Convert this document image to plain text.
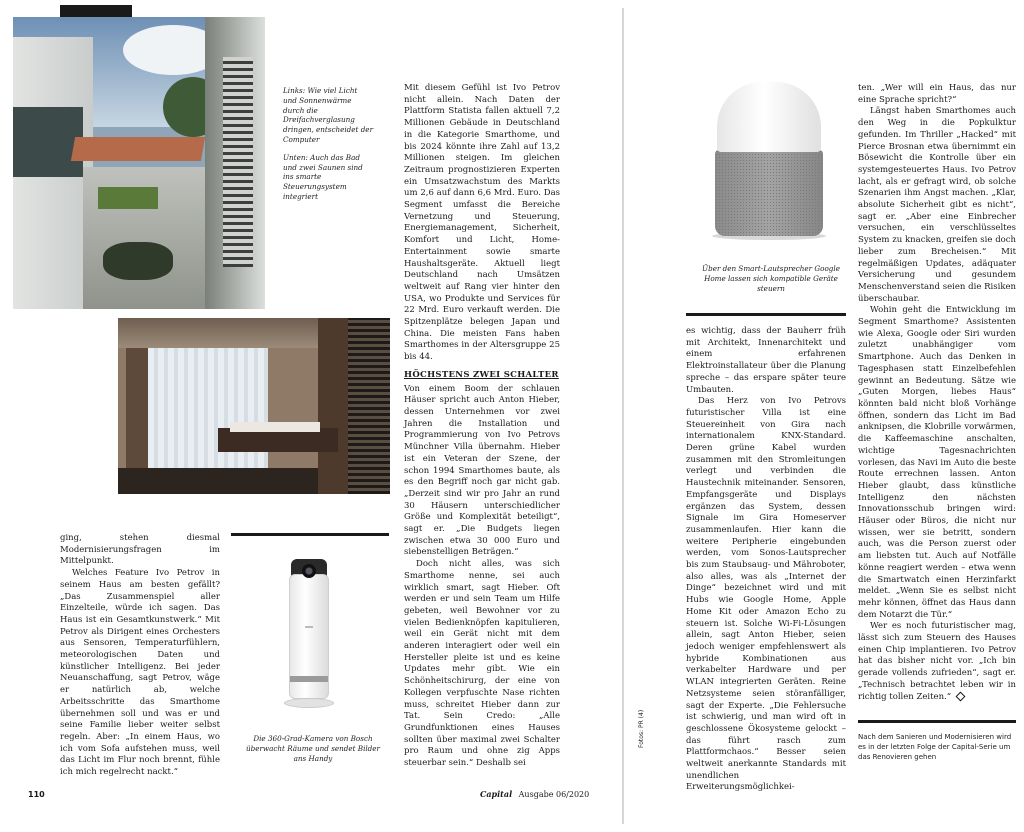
Links: Wie viel Licht und Sonnenwärme durch die Dreifachverglasung dringen, entscheidet der Computer

Unten: Auch das Bad und zwei Saunen sind ins smarte Steuerungsystem integriert

Mit diesem Gefühl ist Ivo Petrov nicht allein. Nach Daten der Plattform Statista fallen aktuell 7,2 Millionen Gebäude in Deutschland in die Kategorie Smarthome, und bis 2024 könnte ihre Zahl auf 13,2 Millionen steigen. Im gleichen Zeitraum prognostizieren Experten ein Umsatzwachstum des Markts um 2,6 auf dann 6,6 Mrd. Euro. Das Segment umfasst die Bereiche Vernetzung und Steuerung, Energiemanagement, Sicherheit, Komfort und Licht, Home-Entertainment sowie smarte Haushaltsgeräte. Aktuell liegt Deutschland nach Umsätzen weltweit auf Rang vier hinter den USA, wo Produkte und Services für 22 Mrd. Euro verkauft werden. Die Spitzenplätze belegen Japan und China. Die meisten Fans haben Smarthomes in der Altersgruppe 25 bis 44.

HÖCHSTENS ZWEI SCHALTER

Von einem Boom der schlauen Häuser spricht auch Anton Hieber, dessen Unternehmen vor zwei Jahren die Installation und Programmierung von Ivo Petrovs Münchner Villa übernahm. Hieber ist ein Veteran der Szene, der schon 1994 Smarthomes baute, als es den Begriff noch gar nicht gab. „Derzeit sind wir pro Jahr an rund 30 Häusern unterschiedlicher Größe und Komplexität beteiligt“, sagt er. „Die Budgets liegen zwischen etwa 30 000 Euro und siebenstelligen Beträgen.“

Doch nicht alles, was sich Smarthome nenne, sei auch wirklich smart, sagt Hieber. Oft werden er und sein Team um Hilfe gebeten, weil Bewohner vor zu vielen Bedienknöpfen kapitulieren, weil ein Gerät nicht mit dem anderen interagiert oder weil ein Hersteller pleite ist und es keine Updates mehr gibt. Wie ein Schönheitschirurg, der eine von Kollegen verpfuschte Nase richten muss, schreitet Hieber dann zur Tat. Sein Credo: „Alle Grundfunktionen eines Hauses sollten über maximal zwei Schalter pro Raum und ohne zig Apps steuerbar sein.“ Deshalb sei

ging, stehen diesmal Modernisierungsfragen im Mittelpunkt.

Welches Feature Ivo Petrov in seinem Haus am besten gefällt? „Das Zusammenspiel aller Einzelteile, würde ich sagen. Das Haus ist ein Gesamtkunstwerk.“ Mit Petrov als Dirigent eines Orchesters aus Sensoren, Temperaturfühlern, meteorologischen Daten und künstlicher Intelligenz. Bei jeder Neuanschaffung, sagt Petrov, wäge er natürlich ab, welche Arbeitsschritte das Smarthome übernehmen soll und was er und seine Familie lieber weiter selbst regeln. Aber: „In einem Haus, wo ich vom Sofa aufstehen muss, weil das Licht im Flur noch brennt, fühle ich mich regelrecht nackt.“

Die 360-Grad-Kamera von Bosch überwacht Räume und sendet Bilder ans Handy
110	Capital Ausgabe 06/2020
Über den Smart-Lautsprecher Google Home lassen sich kompatible Geräte steuern
Fotos: PR (4)

es wichtig, dass der Bauherr früh mit Architekt, Innenarchitekt und einem erfahrenen Elektroinstallateur über die Planung spreche – das erspare später teure Umbauten.

Das Herz von Ivo Petrovs futuristischer Villa ist eine Steuereinheit von Gira nach internationalem KNX-Standard. Deren grüne Kabel wurden zusammen mit den Stromleitungen verlegt und verbinden die Haustechnik miteinander. Sensoren, Empfangsgeräte und Displays ergänzen das System, dessen Signale im Gira Homeserver zusammenlaufen. Hier kann die weitere Peripherie eingebunden werden, vom Sonos-Lautsprecher bis zum Staubsaug- und Mähroboter, also alles, was als „Internet der Dinge“ bezeichnet wird und mit Hubs wie Google Home, Apple Home Kit oder Amazon Echo zu steuern ist. Solche Wi-Fi-Lösungen allein, sagt Anton Hieber, seien jedoch weniger empfehlenswert als hybride Kombinationen aus verkabelter Hardware und per WLAN integrierten Geräten. Reine Netzsysteme seien störanfälliger, sagt der Experte. „Die Fehlersuche ist schwierig, und man wird oft in geschlossene Ökosysteme gelockt – das führt rasch zum Plattformchaos.“ Besser seien weltweit anerkannte Standards mit unendlichen Erweiterungsmöglichkei-

ten. „Wer will ein Haus, das nur eine Sprache spricht?“

Längst haben Smarthomes auch den Weg in die Popkulktur gefunden. Im Thriller „Hacked“ mit Pierce Brosnan etwa übernimmt ein Bösewicht die Kontrolle über ein systemgesteuertes Haus. Ivo Petrov lacht, als er gefragt wird, ob solche Szenarien ihm Angst machen. „Klar, absolute Sicherheit gibt es nicht“, sagt er. „Aber eine Einbrecher versuchen, ein verschlüsseltes System zu knacken, greifen sie doch lieber zum Brecheisen.“ Mit regelmäßigen Updates, adäquater Versicherung und gesundem Menschenverstand seien die Risiken überschaubar.

Wohin geht die Entwicklung im Segment Smarthome? Assistenten wie Alexa, Google oder Siri wurden zuletzt unabhängiger vom Smartphone. Auch das Denken in Tagesphasen statt Einzelbefehlen gewinnt an Bedeutung. Sätze wie „Guten Morgen, liebes Haus“ könnten bald nicht bloß Vorhänge öffnen, sondern das Licht im Bad anknipsen, die Klobrille vorwärmen, die Kaffeemaschine anschalten, wichtige Tagesnachrichten vorlesen, das Navi im Auto die beste Route errechnen lassen. Anton Hieber glaubt, dass künstliche Intelligenz den nächsten Innovationsschub bringen wird: Häuser oder Büros, die nicht nur wissen, wer sie betritt, sondern auch, was die Person zuerst oder am liebsten tut. Auch auf Notfälle könne reagiert werden – etwa wenn die Smartwatch einen Herzinfarkt meldet. „Wenn Sie es selbst nicht mehr können, öffnet das Haus dann dem Notarzt die Tür.“

Wer es noch futuristischer mag, lässt sich zum Steuern des Hauses einen Chip implantieren. Ivo Petrov hat das bisher nicht vor. „Ich bin gerade vollends zufrieden“, sagt er. „Technisch betrachtet leben wir in richtig tollen Zeiten.“

Nach dem Sanieren und Modernisieren wird es in der letzten Folge der Capital-Serie um das Renovieren gehen
